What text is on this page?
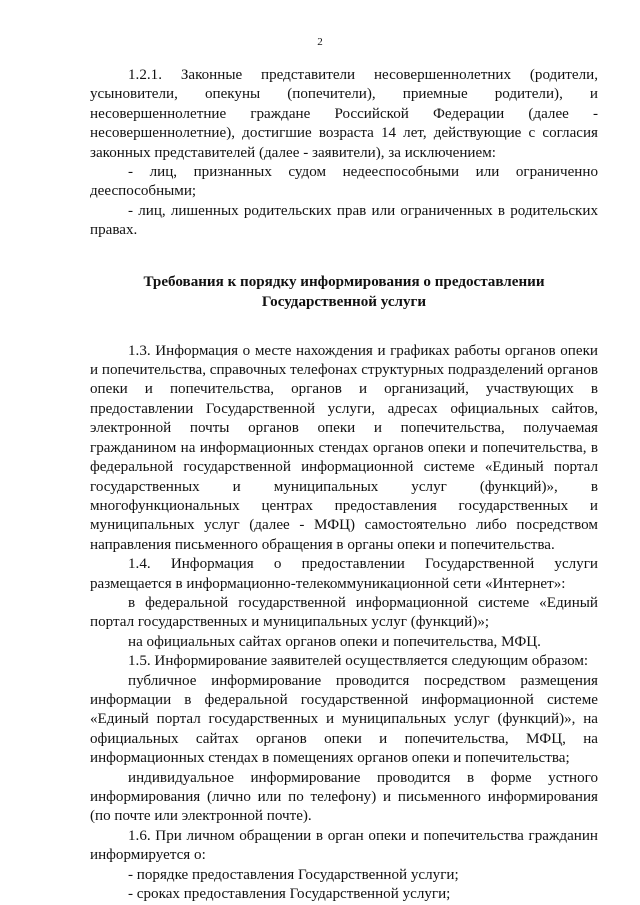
2

1.2.1. Законные представители несовершеннолетних (родители, усыновители, опекуны (попечители), приемные родители), и несовершеннолетние граждане Российской Федерации (далее - несовершеннолетние), достигшие возраста 14 лет, действующие с согласия законных представителей (далее - заявители), за исключением:

- лиц, признанных судом недееспособными или ограниченно дееспособными;

- лиц, лишенных родительских прав или ограниченных в родительских правах.

Требования к порядку информирования о предоставлении Государственной услуги

1.3. Информация о месте нахождения и графиках работы органов опеки и попечительства, справочных телефонах структурных подразделений органов опеки и попечительства, органов и организаций, участвующих в предоставлении Государственной услуги, адресах официальных сайтов, электронной почты органов опеки и попечительства, получаемая гражданином на информационных стендах органов опеки и попечительства, в федеральной государственной информационной системе «Единый портал государственных и муниципальных услуг (функций)», в многофункциональных центрах предоставления государственных и муниципальных услуг (далее - МФЦ) самостоятельно либо посредством направления письменного обращения в органы опеки и попечительства.

1.4. Информация о предоставлении Государственной услуги размещается в информационно-телекоммуникационной сети «Интернет»:

в федеральной государственной информационной системе «Единый портал государственных и муниципальных услуг (функций)»;

на официальных сайтах органов опеки и попечительства, МФЦ.

1.5. Информирование заявителей осуществляется следующим образом:

публичное информирование проводится посредством размещения информации в федеральной государственной информационной системе «Единый портал государственных и муниципальных услуг (функций)», на официальных сайтах органов опеки и попечительства, МФЦ, на информационных стендах в помещениях органов опеки и попечительства;

индивидуальное информирование проводится в форме устного информирования (лично или по телефону) и письменного информирования (по почте или электронной почте).

1.6. При личном обращении в орган опеки и попечительства гражданин информируется о:

- порядке предоставления Государственной услуги;

- сроках предоставления Государственной услуги;
